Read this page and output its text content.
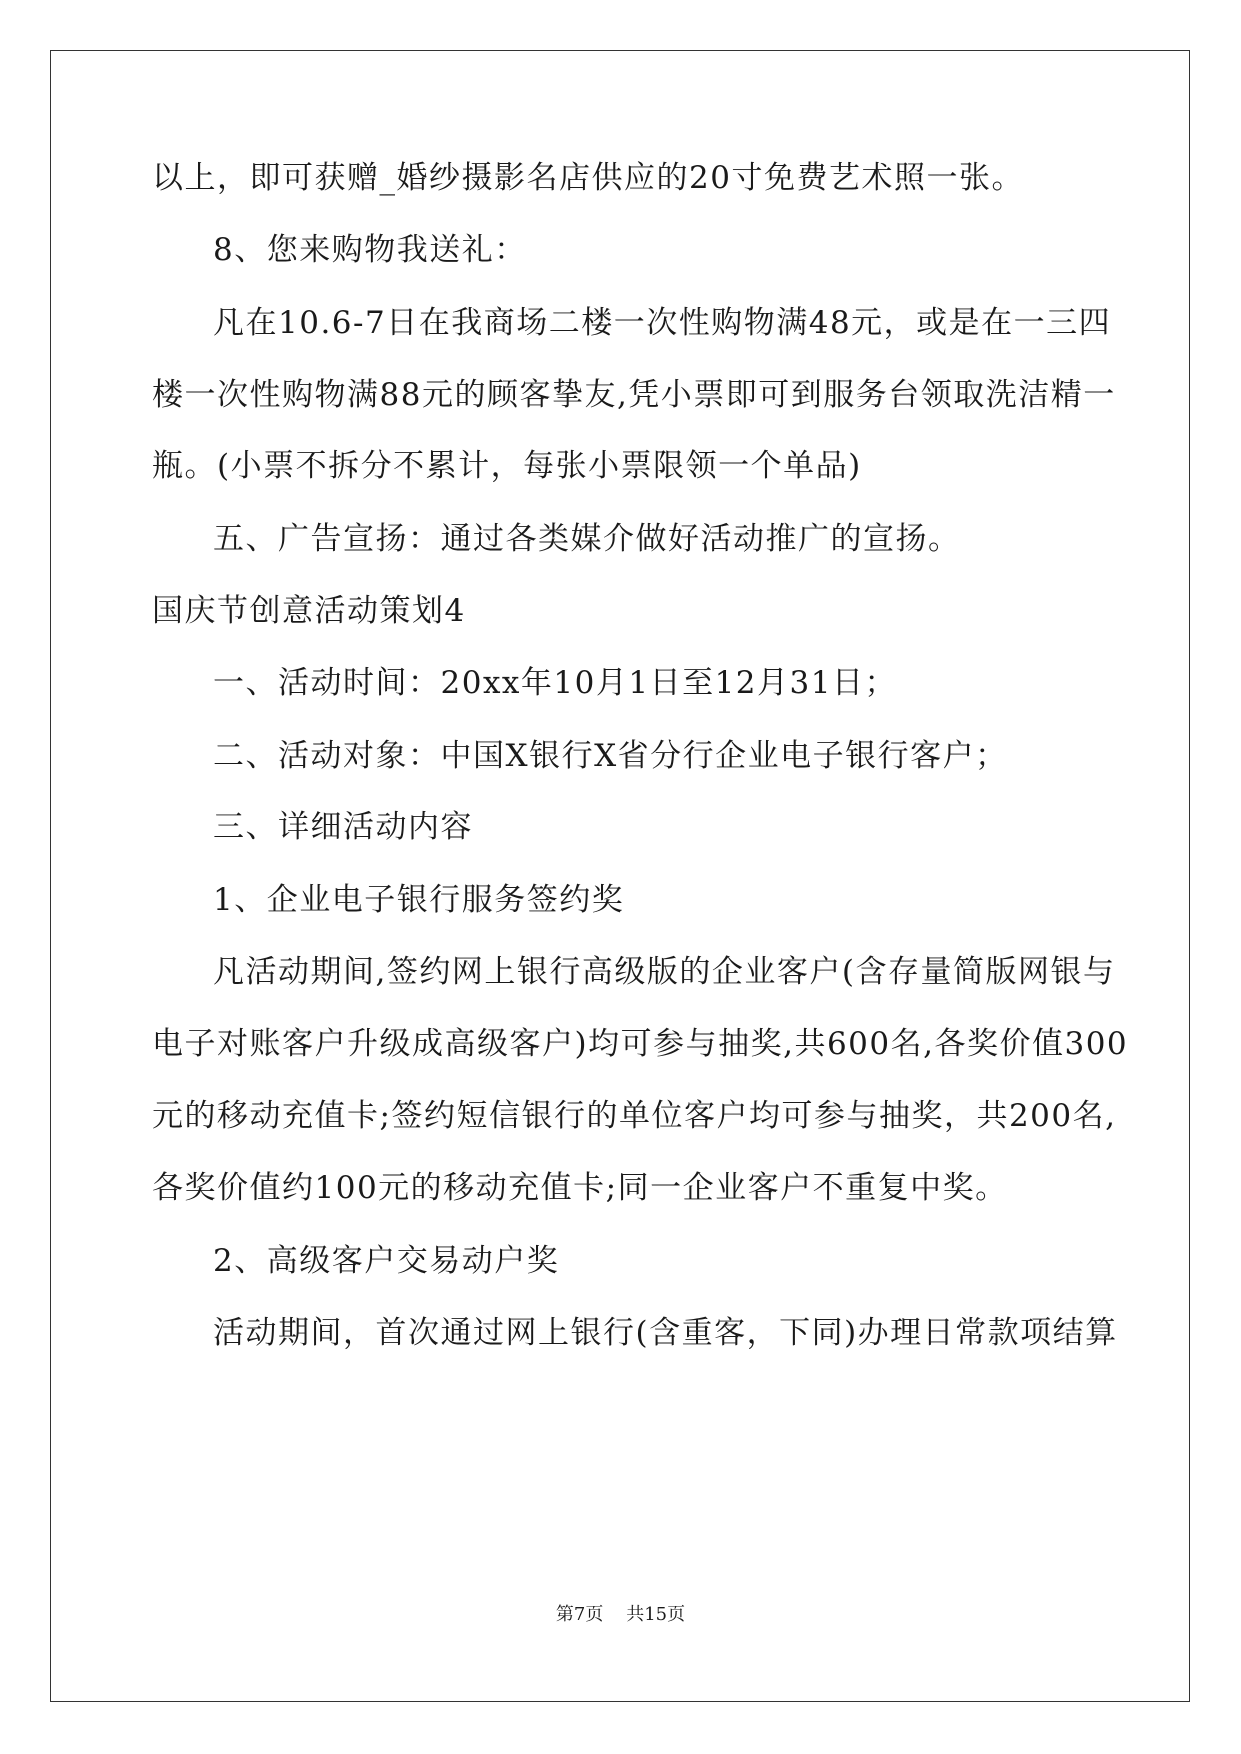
以上，即可获赠_婚纱摄影名店供应的20寸免费艺术照一张。
8、您来购物我送礼：
凡在10.6-7日在我商场二楼一次性购物满48元，或是在一三四
楼一次性购物满88元的顾客挚友,凭小票即可到服务台领取洗洁精一
瓶。(小票不拆分不累计，每张小票限领一个单品)
五、广告宣扬：通过各类媒介做好活动推广的宣扬。
国庆节创意活动策划4
一、活动时间：20xx年10月1日至12月31日；
二、活动对象：中国X银行X省分行企业电子银行客户；
三、详细活动内容
1、企业电子银行服务签约奖
凡活动期间,签约网上银行高级版的企业客户(含存量简版网银与
电子对账客户升级成高级客户)均可参与抽奖,共600名,各奖价值300
元的移动充值卡;签约短信银行的单位客户均可参与抽奖，共200名,
各奖价值约100元的移动充值卡;同一企业客户不重复中奖。
2、高级客户交易动户奖
活动期间，首次通过网上银行(含重客，下同)办理日常款项结算
第7页 共15页
